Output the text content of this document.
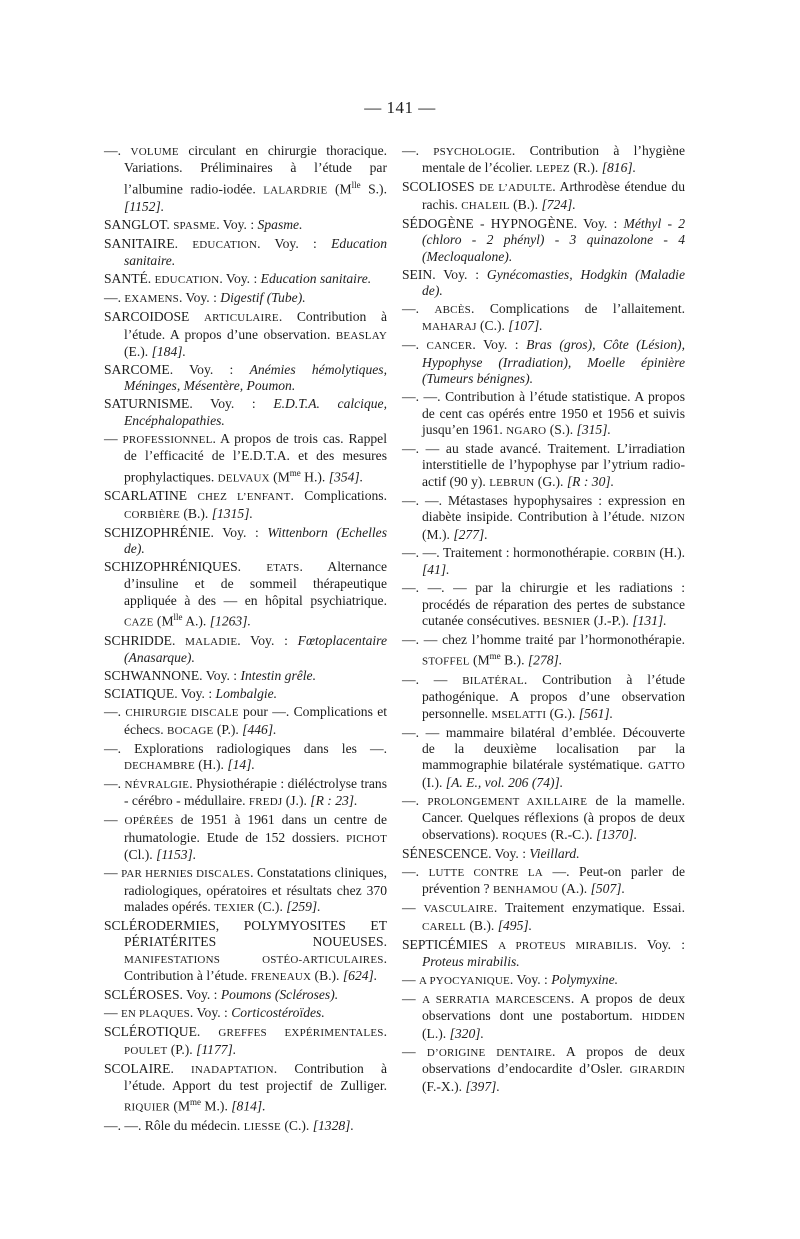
— 141 —

—. VOLUME circulant en chirurgie thoracique. Variations. Préliminaires à l’étude par l’albumine radio-iodée. LALARDRIE ($M^{lle}$ S.). [1152].

SANGLOT. SPASME. Voy. : Spasme.

SANITAIRE. EDUCATION. Voy. : Education sanitaire.

SANTÉ. EDUCATION. Voy. : Education sanitaire.

—. EXAMENS. Voy. : Digestif (Tube).

SARCOIDOSE ARTICULAIRE. Contribution à l’étude. A propos d’une observation. BEASLAY (E.). [184].

SARCOME. Voy. : Anémies hémolytiques, Méninges, Mésentère, Poumon.

SATURNISME. Voy. : E.D.T.A. calcique, Encéphalopathies.

— PROFESSIONNEL. A propos de trois cas. Rappel de l’efficacité de l’E.D.T.A. et des mesures prophylactiques. DELVAUX ($M^{me}$ H.). [354].

SCARLATINE CHEZ L’ENFANT. Complications. CORBIÈRE (B.). [1315].

SCHIZOPHRÉNIE. Voy. : Wittenborn (Echelles de).

SCHIZOPHRÉNIQUES. ETATS. Alternance d’insuline et de sommeil thérapeutique appliquée à des — en hôpital psychiatrique. CAZE ($M^{lle}$ A.). [1263].

SCHRIDDE. MALADIE. Voy. : Fœtoplacentaire (Anasarque).

SCHWANNONE. Voy. : Intestin grêle.

SCIATIQUE. Voy. : Lombalgie.

—. CHIRURGIE DISCALE pour —. Complications et échecs. BOCAGE (P.). [446].

—. Explorations radiologiques dans les —. DECHAMBRE (H.). [14].

—. NÉVRALGIE. Physiothérapie : diéléctrolyse trans - cérébro - médullaire. FREDJ (J.). [R : 23].

— OPÉRÉES de 1951 à 1961 dans un centre de rhumatologie. Etude de 152 dossiers. PICHOT (Cl.). [1153].

— PAR HERNIES DISCALES. Constatations cliniques, radiologiques, opératoires et résultats chez 370 malades opérés. TEXIER (C.). [259].

SCLÉRODERMIES, POLYMYOSITES ET PÉRIATÉRITES NOUEUSES. MANIFESTATIONS OSTÉO-ARTICULAIRES. Contribution à l’étude. FRENEAUX (B.). [624].

SCLÉROSES. Voy. : Poumons (Scléroses).

— EN PLAQUES. Voy. : Corticostéroïdes.

SCLÉROTIQUE. GREFFES EXPÉRIMENTALES. POULET (P.). [1177].

SCOLAIRE. INADAPTATION. Contribution à l’étude. Apport du test projectif de Zulliger. RIQUIER ($M^{me}$ M.). [814].

—. —. Rôle du médecin. LIESSE (C.). [1328].

—. PSYCHOLOGIE. Contribution à l’hygiène mentale de l’écolier. LEPEZ (R.). [816].

SCOLIOSES DE L’ADULTE. Arthrodèse étendue du rachis. CHALEIL (B.). [724].

SÉDOGÈNE - HYPNOGÈNE. Voy. : Méthyl - 2 (chloro - 2 phényl) - 3 quinazolone - 4 (Mecloqualone).

SEIN. Voy. : Gynécomasties, Hodgkin (Maladie de).

—. ABCÈS. Complications de l’allaitement. MAHARAJ (C.). [107].

—. CANCER. Voy. : Bras (gros), Côte (Lésion), Hypophyse (Irradiation), Moelle épinière (Tumeurs bénignes).

—. —. Contribution à l’étude statistique. A propos de cent cas opérés entre 1950 et 1956 et suivis jusqu’en 1961. NGARO (S.). [315].

—. — au stade avancé. Traitement. L’irradiation interstitielle de l’hypophyse par l’ytrium radio-actif (90 y). LEBRUN (G.). [R : 30].

—. —. Métastases hypophysaires : expression en diabète insipide. Contribution à l’étude. NIZON (M.). [277].

—. —. Traitement : hormonothérapie. CORBIN (H.). [41].

—. —. — par la chirurgie et les radiations : procédés de réparation des pertes de substance cutanée consécutives. BESNIER (J.-P.). [131].

—. — chez l’homme traité par l’hormonothérapie. STOFFEL ($M^{me}$ B.). [278].

—. — BILATÉRAL. Contribution à l’étude pathogénique. A propos d’une observation personnelle. MSELATTI (G.). [561].

—. — mammaire bilatéral d’emblée. Découverte de la deuxième localisation par la mammographie bilatérale systématique. GATTO (I.). [A. E., vol. 206 (74)].

—. PROLONGEMENT AXILLAIRE de la mamelle. Cancer. Quelques réflexions (à propos de deux observations). ROQUES (R.-C.). [1370].

SÉNESCENCE. Voy. : Vieillard.

—. LUTTE CONTRE LA —. Peut-on parler de prévention ? BENHAMOU (A.). [507].

— VASCULAIRE. Traitement enzymatique. Essai. CARELL (B.). [495].

SEPTICÉMIES A PROTEUS MIRABILIS. Voy. : Proteus mirabilis.

— A PYOCYANIQUE. Voy. : Polymyxine.

— A SERRATIA MARCESCENS. A propos de deux observations dont une postabortum. HIDDEN (L.). [320].

— D’ORIGINE DENTAIRE. A propos de deux observations d’endocardite d’Osler. GIRARDIN (F.-X.). [397].
